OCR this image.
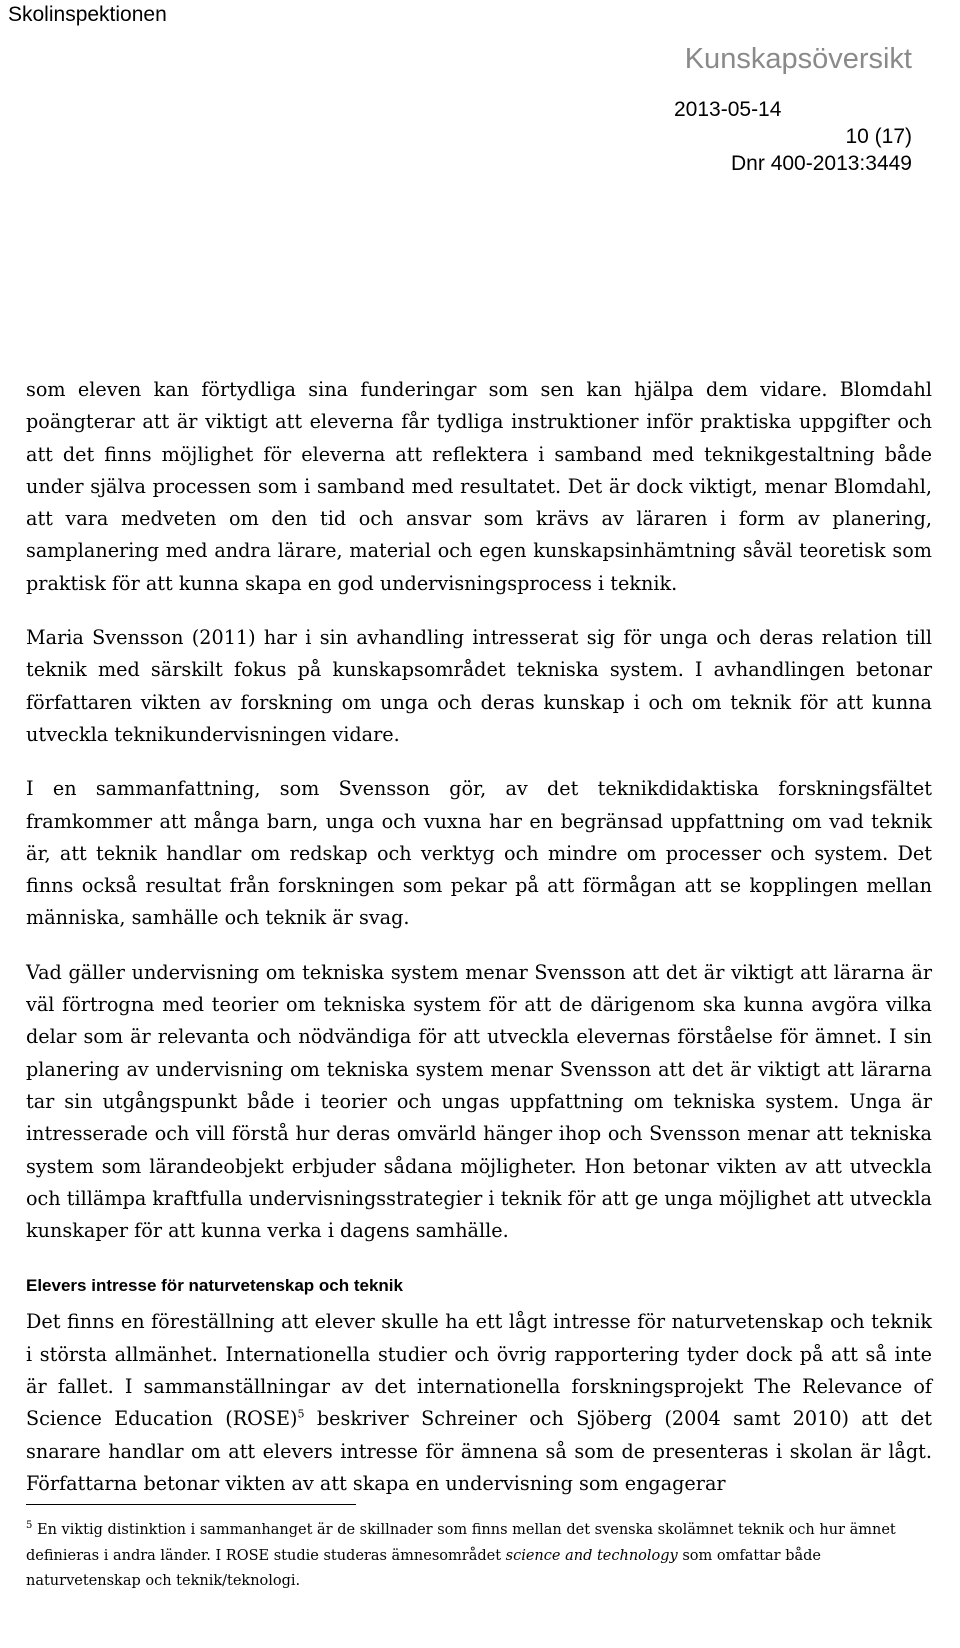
Skolinspektionen
Kunskapsöversikt
2013-05-14
10 (17)
Dnr 400-2013:3449

som eleven kan förtydliga sina funderingar som sen kan hjälpa dem vidare. Blomdahl poängterar att är viktigt att eleverna får tydliga instruktioner inför praktiska uppgifter och att det finns möjlighet för eleverna att reflektera i samband med teknikgestaltning både under själva processen som i samband med resultatet. Det är dock viktigt, menar Blomdahl, att vara medveten om den tid och ansvar som krävs av läraren i form av planering, samplanering med andra lärare, material och egen kunskapsinhämtning såväl teoretisk som praktisk för att kunna skapa en god undervisningsprocess i teknik.

Maria Svensson (2011) har i sin avhandling intresserat sig för unga och deras relation till teknik med särskilt fokus på kunskapsområdet tekniska system. I avhandlingen betonar författaren vikten av forskning om unga och deras kunskap i och om teknik för att kunna utveckla teknikundervisningen vidare.

I en sammanfattning, som Svensson gör, av det teknikdidaktiska forskningsfältet framkommer att många barn, unga och vuxna har en begränsad uppfattning om vad teknik är, att teknik handlar om redskap och verktyg och mindre om processer och system. Det finns också resultat från forskningen som pekar på att förmågan att se kopplingen mellan människa, samhälle och teknik är svag.

Vad gäller undervisning om tekniska system menar Svensson att det är viktigt att lärarna är väl förtrogna med teorier om tekniska system för att de därigenom ska kunna avgöra vilka delar som är relevanta och nödvändiga för att utveckla elevernas förståelse för ämnet. I sin planering av undervisning om tekniska system menar Svensson att det är viktigt att lärarna tar sin utgångspunkt både i teorier och ungas uppfattning om tekniska system. Unga är intresserade och vill förstå hur deras omvärld hänger ihop och Svensson menar att tekniska system som lärandeobjekt erbjuder sådana möjligheter. Hon betonar vikten av att utveckla och tillämpa kraftfulla undervisningsstrategier i teknik för att ge unga möjlighet att utveckla kunskaper för att kunna verka i dagens samhälle.

Elevers intresse för naturvetenskap och teknik

Det finns en föreställning att elever skulle ha ett lågt intresse för naturvetenskap och teknik i största allmänhet. Internationella studier och övrig rapportering tyder dock på att så inte är fallet. I sammanställningar av det internationella forskningsprojekt The Relevance of Science Education (ROSE)$^5$ beskriver Schreiner och Sjöberg (2004 samt 2010) att det snarare handlar om att elevers intresse för ämnena så som de presenteras i skolan är lågt. Författarna betonar vikten av att skapa en undervisning som engagerar

$^5$ En viktig distinktion i sammanhanget är de skillnader som finns mellan det svenska skolämnet teknik och hur ämnet definieras i andra länder. I ROSE studie studeras ämnesområdet science and technology som omfattar både naturvetenskap och teknik/teknologi.
